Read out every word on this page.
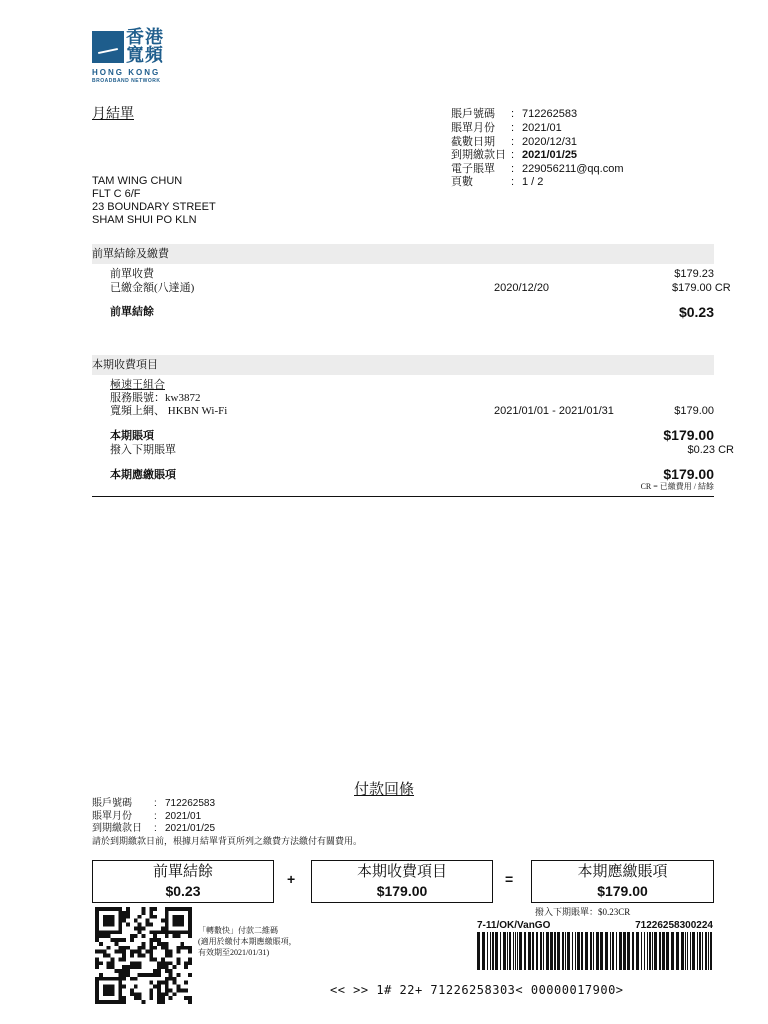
香港寬頻
HONG KONG
BROADBAND NETWORK
月結單	賬戶號碼 : 712262583
賬單月份 : 2021/01
截數日期 : 2020/12/31
到期繳款日 : 2021/01/25
電子賬單 : 229056211@qq.com
頁數	: 1 / 2
TAM WING CHUN
FLT C 6/F
23 BOUNDARY STREET
SHAM SHUI PO KLN
前單結餘及繳費
前單收費	$179.23
已繳金額(八達通)	2020/12/20	$179.00 CR
前單結餘	$0.23
本期收費項目
極速王組合
服務賬號：kw3872
寬頻上網、 HKBN Wi-Fi	2021/01/01 - 2021/01/31	$179.00
本期賬項	$179.00
撥入下期賬單	$0.23 CR
本期應繳賬項	$179.00
CR = 已繳費用 / 結餘
付款回條
賬戶號碼 : 712262583
賬單月份 : 2021/01
到期繳款日 : 2021/01/25
請於到期繳款日前，根據月結單背頁所列之繳費方法繳付有關費用。
前單結餘
$0.23
+	本期收費項目
$179.00
=	本期應繳賬項
$179.00
撥入下期賬單：$0.23CR
「轉數快」付款二維碼
(適用於繳付本期應繳賬項，
有效期至2021/01/31)
7-11/OK/VanGO	71226258300224
<< >> 1# 22+ 71226258303< 00000017900>
